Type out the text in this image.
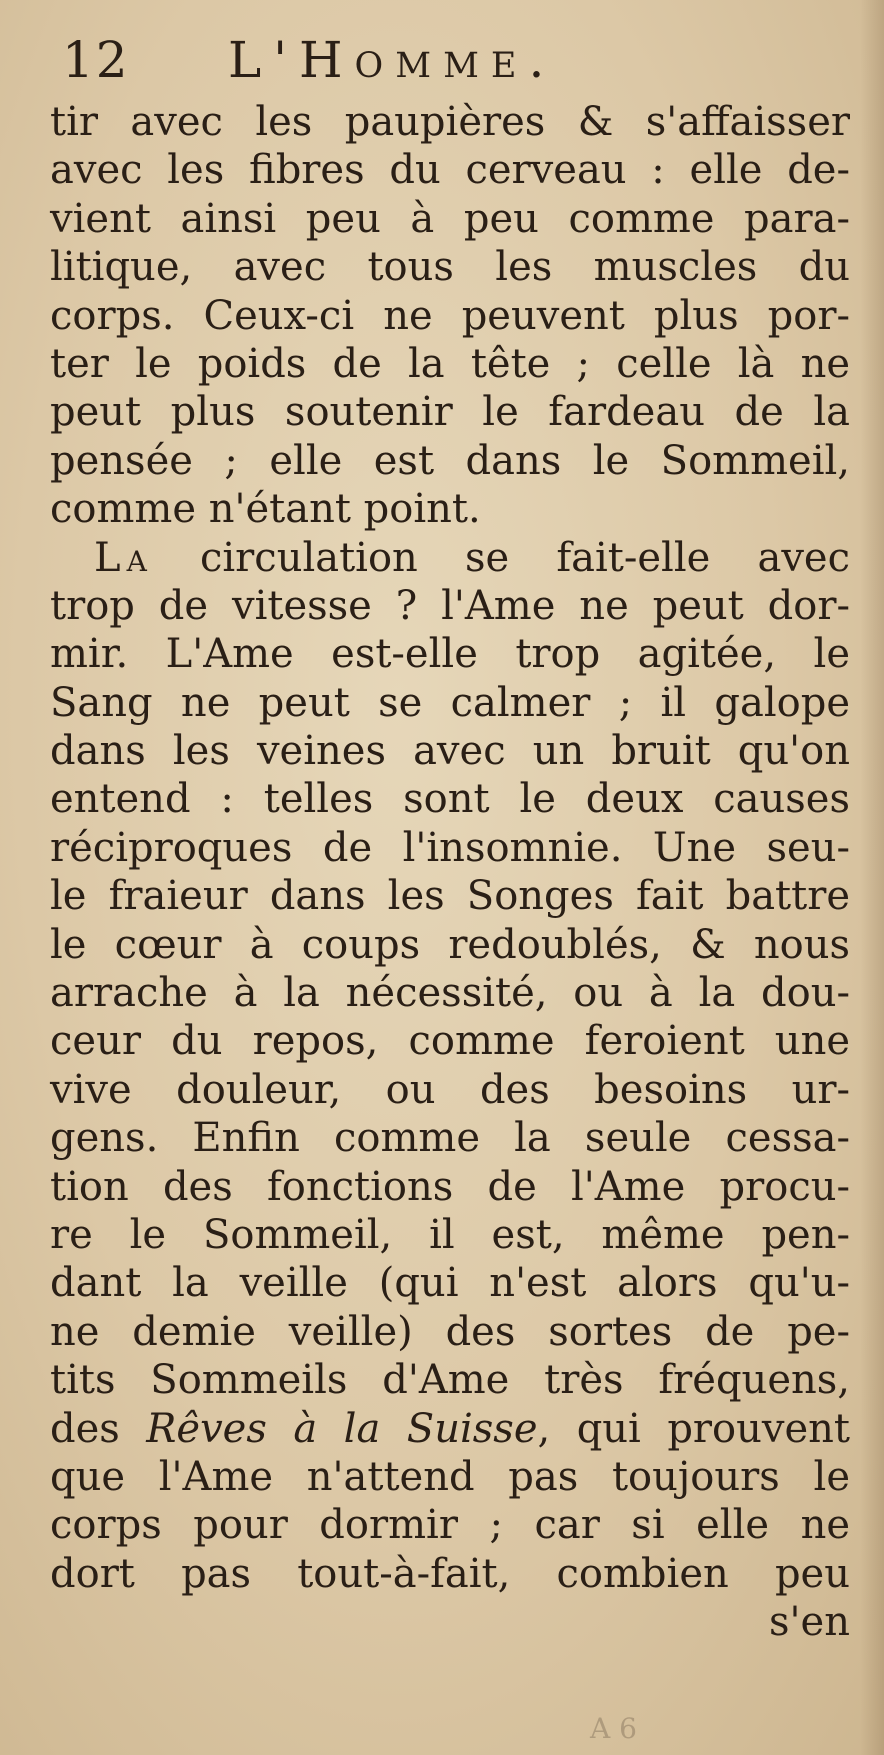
12 L'Homme.
tir avec les paupières & s'affaisser
avec les fibres du cerveau : elle de-
vient ainsi peu à peu comme para-
litique, avec tous les muscles du
corps. Ceux-ci ne peuvent plus por-
ter le poids de la tête ; celle là ne
peut plus soutenir le fardeau de la
pensée ; elle est dans le Sommeil,
comme n'étant point.
La circulation se fait-elle avec
trop de vitesse ? l'Ame ne peut dor-
mir. L'Ame est-elle trop agitée, le
Sang ne peut se calmer ; il galope
dans les veines avec un bruit qu'on
entend : telles sont le deux causes
réciproques de l'insomnie. Une seu-
le fraieur dans les Songes fait battre
le cœur à coups redoublés, & nous
arrache à la nécessité, ou à la dou-
ceur du repos, comme feroient une
vive douleur, ou des besoins ur-
gens. Enfin comme la seule cessa-
tion des fonctions de l'Ame procu-
re le Sommeil, il est, même pen-
dant la veille (qui n'est alors qu'u-
ne demie veille) des sortes de pe-
tits Sommeils d'Ame très fréquens,
des Rêves à la Suisse, qui prouvent
que l'Ame n'attend pas toujours le
corps pour dormir ; car si elle ne
dort pas tout-à-fait, combien peu
s'en
A 6
